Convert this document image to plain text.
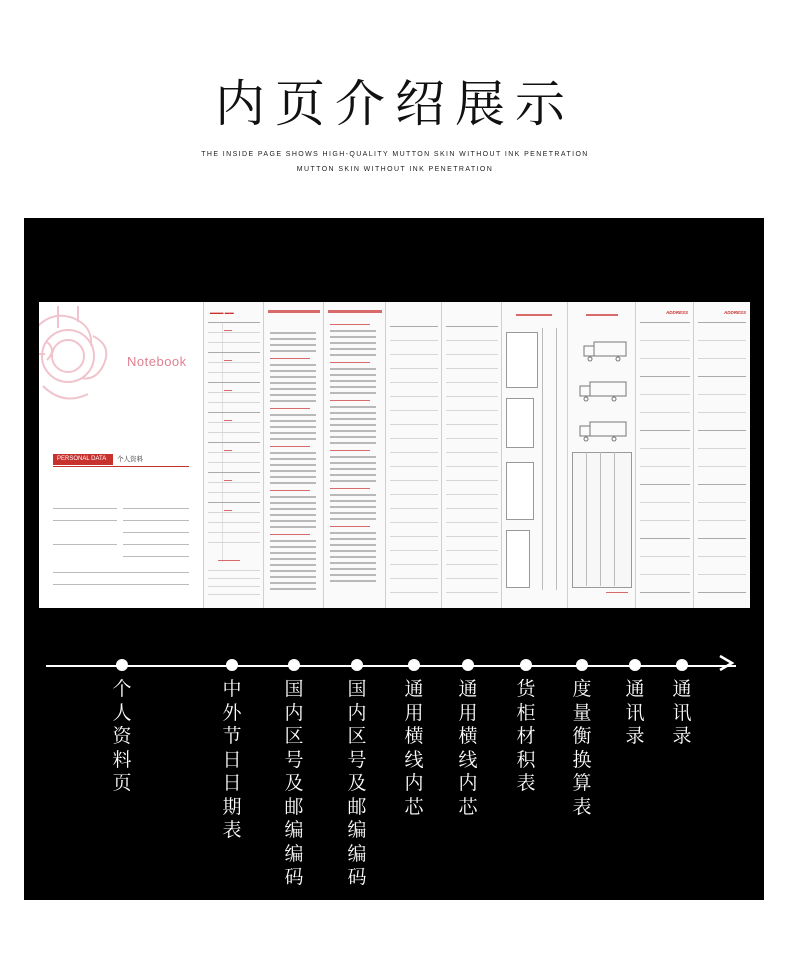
内页介绍展示
THE INSIDE PAGE SHOWS HIGH-QUALITY MUTTON SKIN WITHOUT INK PENETRATION
MUTTON SKIN WITHOUT INK PENETRATION
Notebook
PERSONAL DATA	个人资料
▬▬▬ ▬▬	ADDRESS	ADDRESS
个人资料页
中外节日日期表
国内区号及邮编编码
国内区号及邮编编码
通用横线内芯
通用横线内芯
货柜材积表
度量衡换算表
通讯录
通讯录
